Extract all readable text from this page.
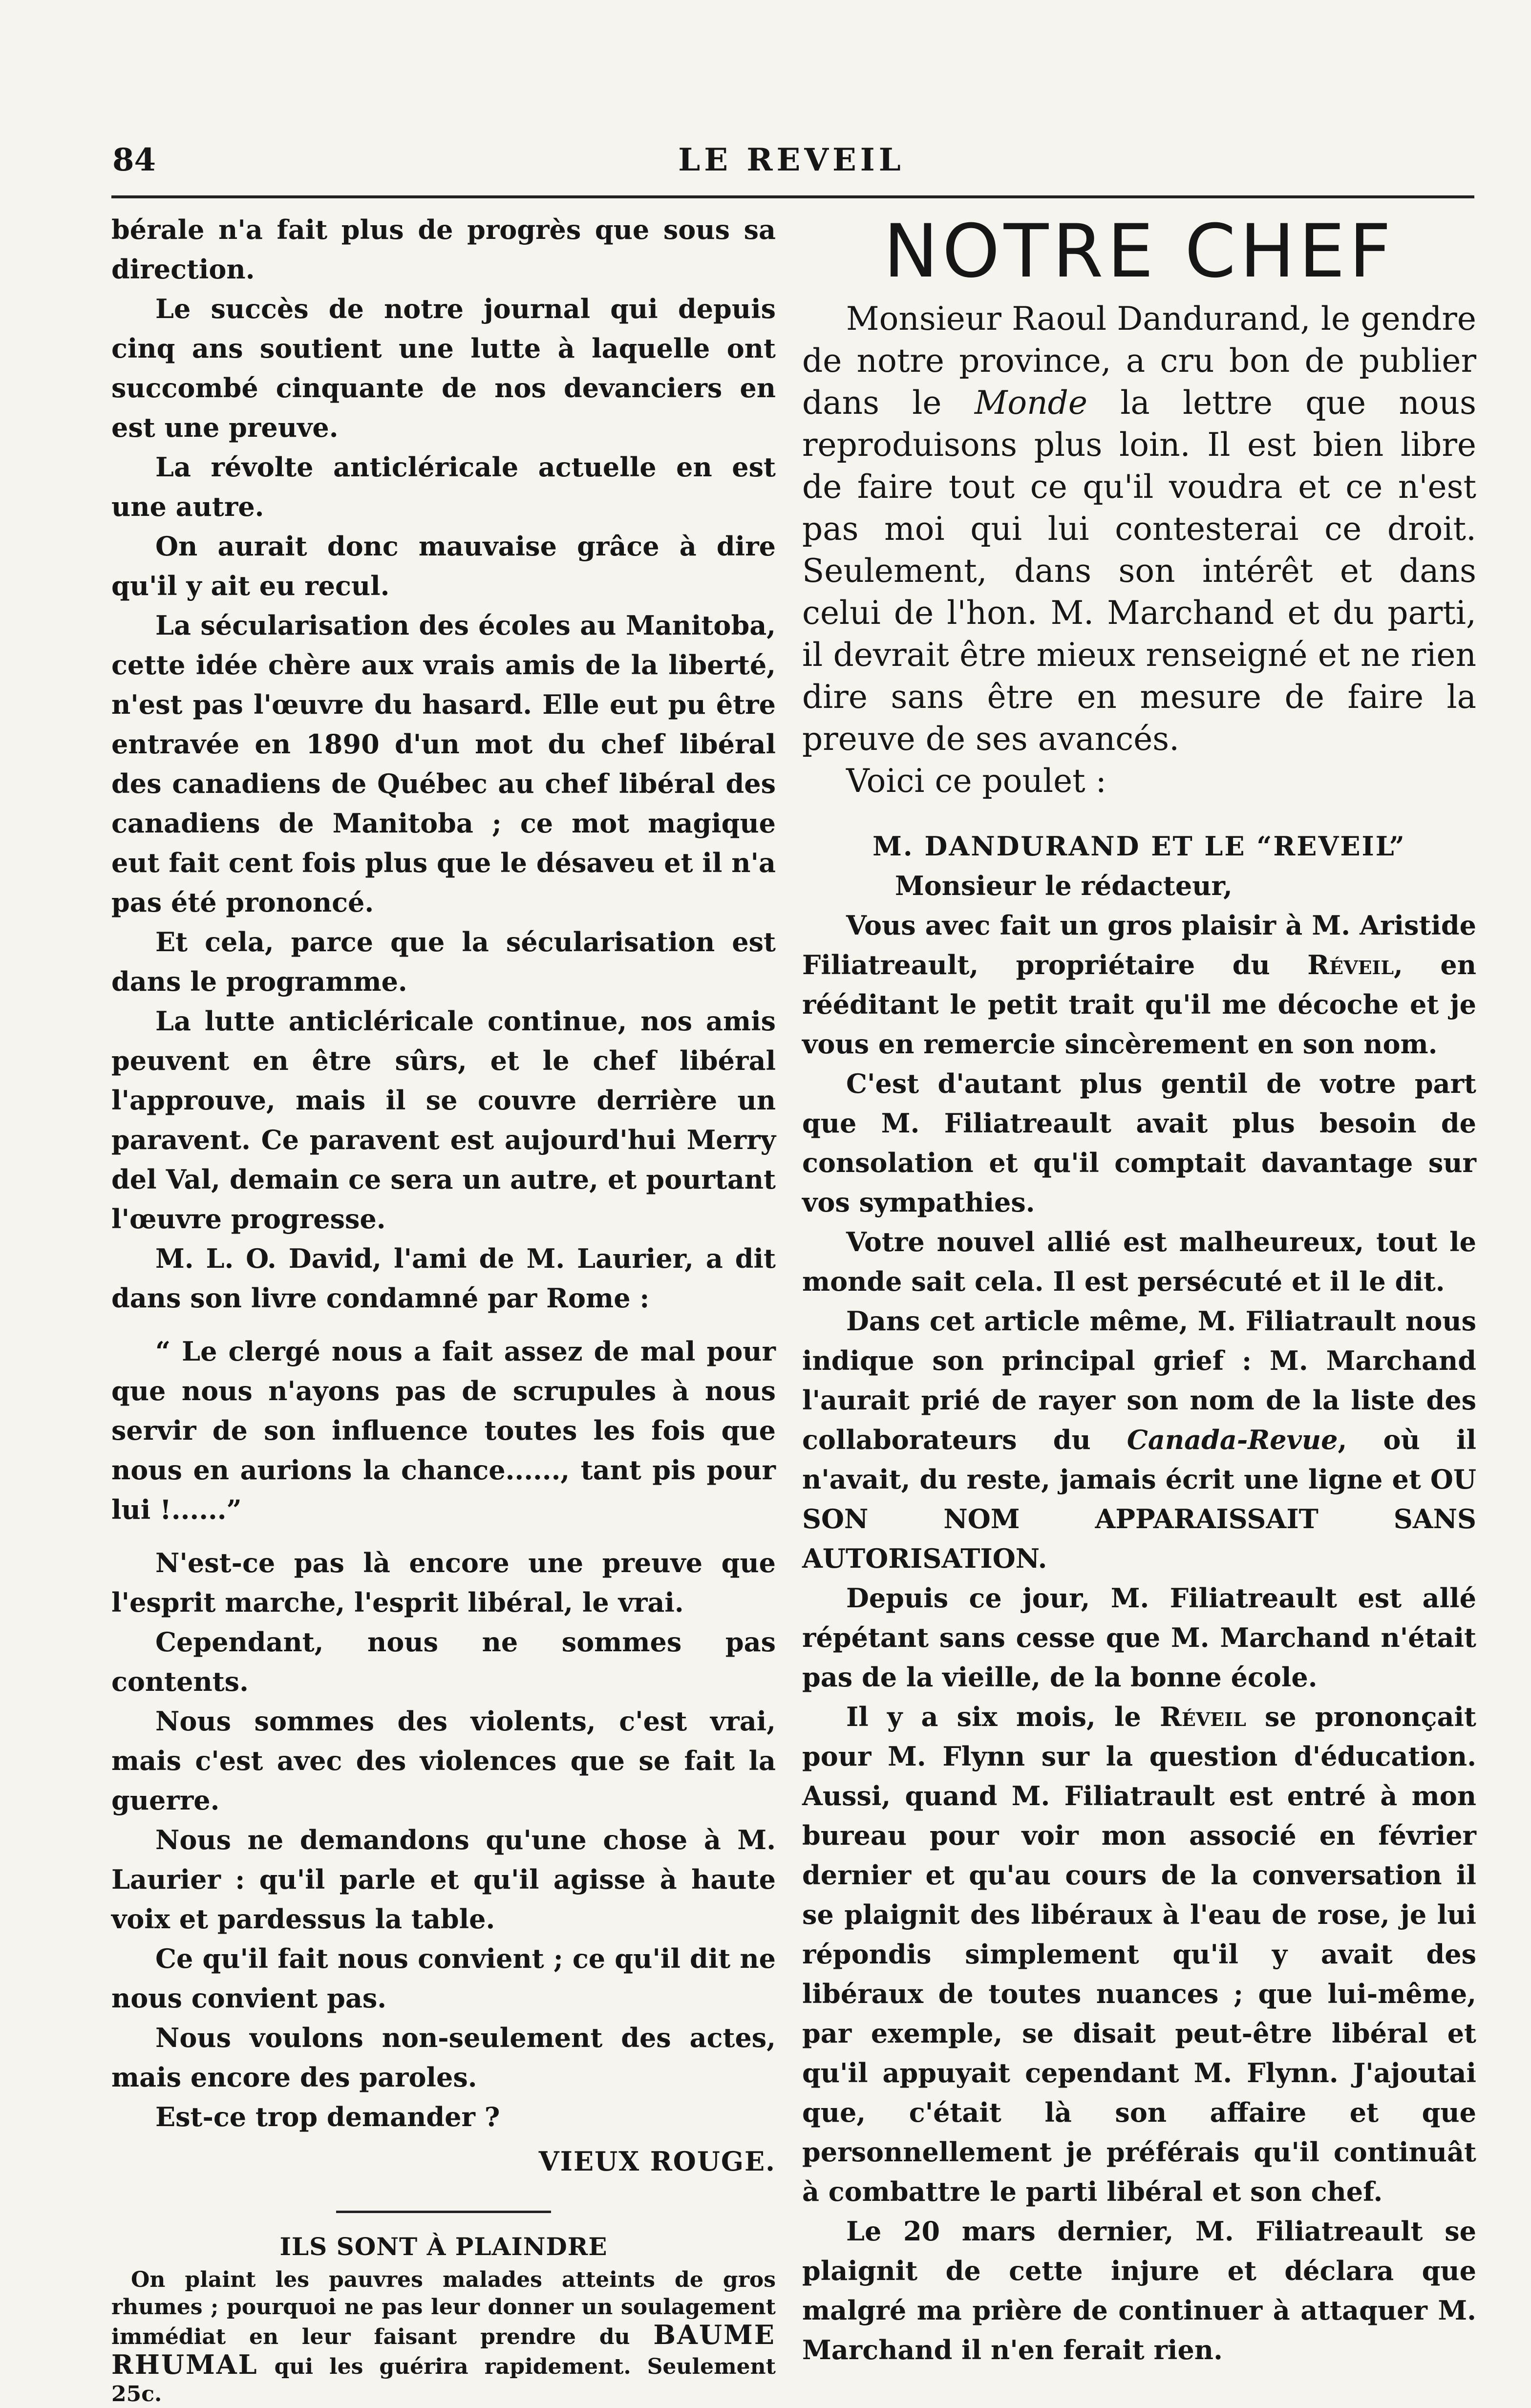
84	LE REVEIL

bérale n'a fait plus de progrès que sous sa direction.

Le succès de notre journal qui depuis cinq ans soutient une lutte à laquelle ont succombé cinquante de nos devanciers en est une preuve.

La révolte anticléricale actuelle en est une autre.

On aurait donc mauvaise grâce à dire qu'il y ait eu recul.

La sécularisation des écoles au Manitoba, cette idée chère aux vrais amis de la liberté, n'est pas l'œuvre du hasard. Elle eut pu être entravée en 1890 d'un mot du chef libéral des canadiens de Québec au chef libéral des canadiens de Manitoba ; ce mot magique eut fait cent fois plus que le désaveu et il n'a pas été prononcé.

Et cela, parce que la sécularisation est dans le programme.

La lutte anticléricale continue, nos amis peuvent en être sûrs, et le chef libéral l'approuve, mais il se couvre derrière un paravent. Ce paravent est aujourd'hui Merry del Val, demain ce sera un autre, et pourtant l'œuvre progresse.

M. L. O. David, l'ami de M. Laurier, a dit dans son livre condamné par Rome :

“ Le clergé nous a fait assez de mal pour que nous n'ayons pas de scrupules à nous servir de son influence toutes les fois que nous en aurions la chance......, tant pis pour lui !......”

N'est-ce pas là encore une preuve que l'esprit marche, l'esprit libéral, le vrai.

Cependant, nous ne sommes pas contents.

Nous sommes des violents, c'est vrai, mais c'est avec des violences que se fait la guerre.

Nous ne demandons qu'une chose à M. Laurier : qu'il parle et qu'il agisse à haute voix et pardessus la table.

Ce qu'il fait nous convient ; ce qu'il dit ne nous convient pas.

Nous voulons non-seulement des actes, mais encore des paroles.

Est-ce trop demander ?

VIEUX ROUGE.
ILS SONT À PLAINDRE

On plaint les pauvres malades atteints de gros rhumes ; pourquoi ne pas leur donner un soulagement immédiat en leur faisant prendre du BAUME RHUMAL qui les guérira rapidement. Seulement 25c.

NOTRE CHEF

Monsieur Raoul Dandurand, le gendre de notre province, a cru bon de publier dans le Monde la lettre que nous reproduisons plus loin. Il est bien libre de faire tout ce qu'il voudra et ce n'est pas moi qui lui contesterai ce droit. Seulement, dans son intérêt et dans celui de l'hon. M. Marchand et du parti, il devrait être mieux renseigné et ne rien dire sans être en mesure de faire la preuve de ses avancés.

Voici ce poulet :

M. DANDURAND ET LE “REVEIL”

Monsieur le rédacteur,

Vous avec fait un gros plaisir à M. Aristide Filiatreault, propriétaire du Réveil, en rééditant le petit trait qu'il me décoche et je vous en remercie sincèrement en son nom.

C'est d'autant plus gentil de votre part que M. Filiatreault avait plus besoin de consolation et qu'il comptait davantage sur vos sympathies.

Votre nouvel allié est malheureux, tout le monde sait cela. Il est persécuté et il le dit.

Dans cet article même, M. Filiatrault nous indique son principal grief : M. Marchand l'aurait prié de rayer son nom de la liste des collaborateurs du Canada-Revue, où il n'avait, du reste, jamais écrit une ligne et OU SON NOM APPARAISSAIT SANS AUTORISATION.

Depuis ce jour, M. Filiatreault est allé répétant sans cesse que M. Marchand n'était pas de la vieille, de la bonne école.

Il y a six mois, le Réveil se prononçait pour M. Flynn sur la question d'éducation. Aussi, quand M. Filiatrault est entré à mon bureau pour voir mon associé en février dernier et qu'au cours de la conversation il se plaignit des libéraux à l'eau de rose, je lui répondis simplement qu'il y avait des libéraux de toutes nuances ; que lui-même, par exemple, se disait peut-être libéral et qu'il appuyait cependant M. Flynn. J'ajoutai que, c'était là son affaire et que personnellement je préférais qu'il continuât à combattre le parti libéral et son chef.

Le 20 mars dernier, M. Filiatreault se plaignit de cette injure et déclara que malgré ma prière de continuer à attaquer M. Marchand il n'en ferait rien.
